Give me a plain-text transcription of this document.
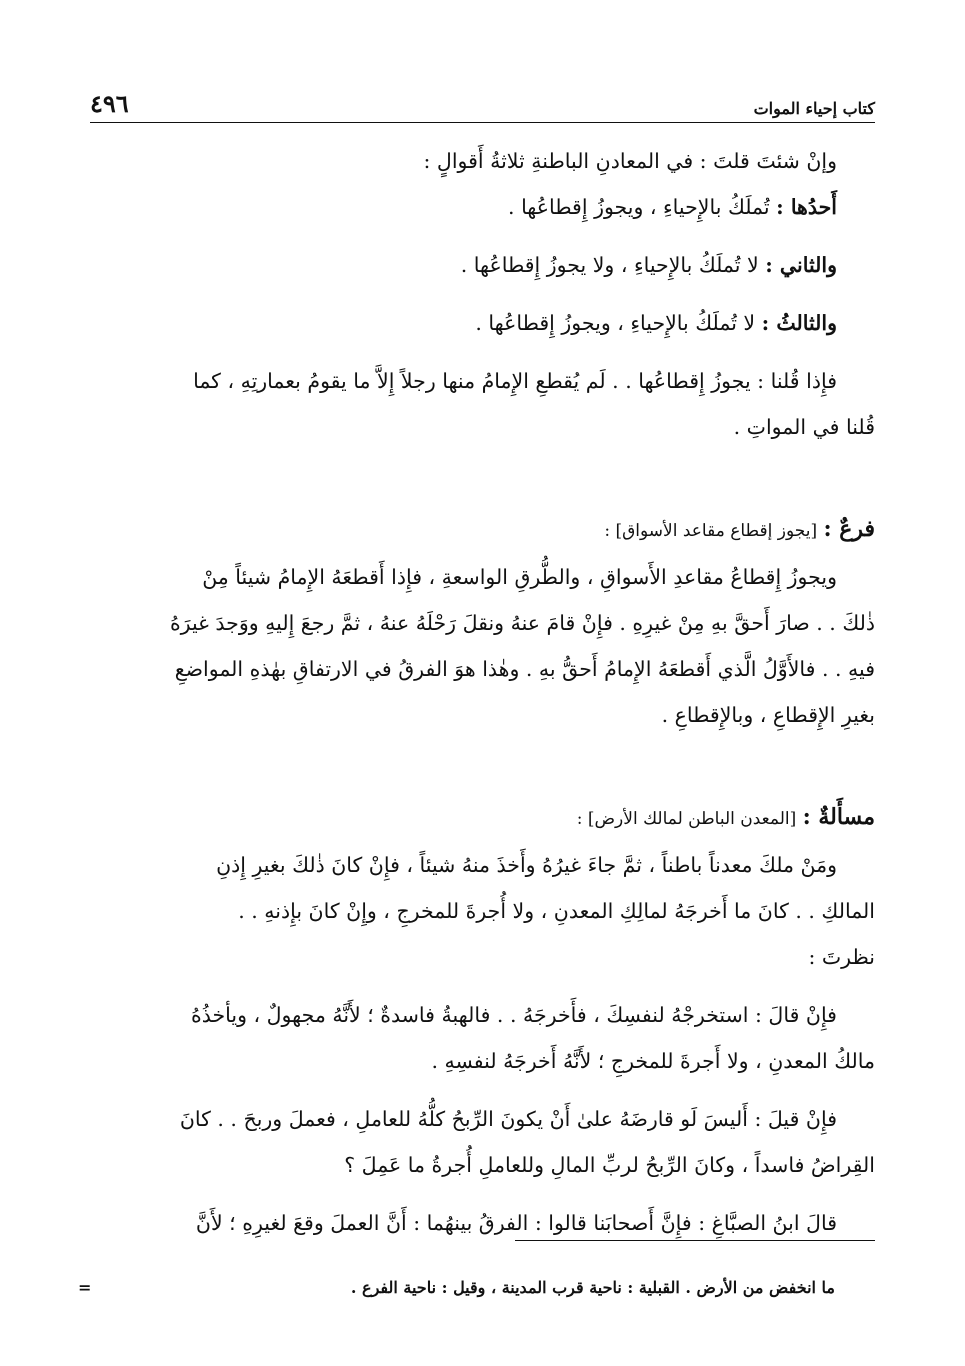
كتاب إحياء الموات
٤٩٦
وإنْ شئتَ قلتَ : في المعادنِ الباطنةِ ثلاثةُ أَقوالٍ :
أَحدُها : تُملَكُ بالإِحياءِ ، ويجوزُ إِقطاعُها .
والثاني : لا تُملَكُ بالإِحياءِ ، ولا يجوزُ إِقطاعُها .
والثالثُ : لا تُملَكُ بالإِحياءِ ، ويجوزُ إِقطاعُها .
فإِذا قُلنا : يجوزُ إِقطاعُها . . لَم يُقطعِ الإِمامُ منها رجلاً إِلاَّ ما يقومُ بعمارتِهِ ، كما
قُلنا في المواتِ .
فرعٌ : [يجوز إقطاع مقاعد الأسواق] :
ويجوزُ إِقطاعُ مقاعدِ الأَسواقِ ، والطُّرقِ الواسعةِ ، فإِذا أَقطعَهُ الإِمامُ شيئاً مِنْ
ذٰلكَ . . صارَ أَحقَّ بهِ مِنْ غيرِهِ . فإِنْ قامَ عنهُ ونقلَ رَحْلَهُ عنهُ ، ثمَّ رجعَ إِليهِ ووَجدَ غيرَهُ
فيهِ . . فالأَوَّلُ الَّذي أَقطعَهُ الإِمامُ أَحقُّ بهِ . وهٰذا هوَ الفرقُ في الارتفاقِ بهٰذهِ المواضعِ
بغيرِ الإِقطاعِ ، وبالإِقطاعِ .
مسأَلةٌ : [المعدن الباطن لمالك الأرض] :
ومَنْ ملكَ معدناً باطناً ، ثمَّ جاءَ غيرُهُ وأَخذَ منهُ شيئاً ، فإِنْ كانَ ذٰلكَ بغيرِ إِذنِ
المالكِ . . كانَ ما أَخرجَهُ لمالِكِ المعدنِ ، ولا أُجرةَ للمخرجِ ، وإِنْ كانَ بإِذنهِ . .
نظرتَ :
فإِنْ قالَ : استخرجْهُ لنفسِكَ ، فأَخرجَهُ . . فالهبةُ فاسدةٌ ؛ لأَنَّهُ مجهولٌ ، ويأخذُهُ
مالكُ المعدنِ ، ولا أَجرةَ للمخرجِ ؛ لأَنَّهُ أَخرجَهُ لنفسِهِ .
فإِنْ قيلَ : أَليسَ لَو قارضَهُ علىٰ أَنْ يكونَ الرِّبحُ كلُّهُ للعاملِ ، فعملَ وربحَ . . كانَ
القِراضُ فاسداً ، وكانَ الرِّبحُ لربِّ المالِ وللعاملِ أُجرةُ ما عَمِلَ ؟
قالَ ابنُ الصبَّاغِ : فإِنَّ أَصحابَنا قالوا : الفرقُ بينهُما : أَنَّ العملَ وقعَ لغيرِهِ ؛ لأَنَّ
=	ما انخفض من الأرض . القبلية : ناحية قرب المدينة ، وقيل : ناحية الفرع .
